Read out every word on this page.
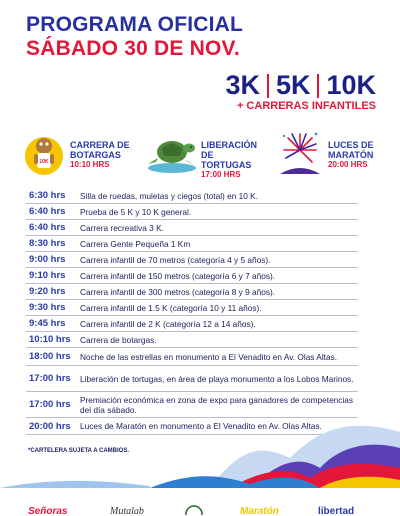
PROGRAMA OFICIAL
SÁBADO 30 DE NOV.
3K 5K 10K
+ CARRERAS INFANTILES
10K
CARRERA DE
BOTARGAS
10:10 HRS
LIBERACIÓN DE
TORTUGAS
17:00 HRS
LUCES DE
MARATÓN
20:00 HRS
6:30 hrs	Silla de ruedas, muletas y ciegos (total) en 10 K.
6:40 hrs	Prueba de 5 K y 10 K general.
6:40 hrs	Carrera recreativa 3 K.
8:30 hrs	Carrera Gente Pequeña 1 Km
9:00 hrs	Carrera infantil de 70 metros (categoría 4 y 5 años).
9:10 hrs	Carrera infantil de 150 metros (categoría 6 y 7 años).
9:20 hrs	Carrera infantil de 300 metros (categoría 8 y 9 años).
9:30 hrs	Carrera infantil de 1.5 K (categoría 10 y 11 años).
9:45 hrs	Carrera infantil de 2 K (categoría 12 a 14 años).
10:10 hrs	Carrera de botargas.
18:00 hrs	Noche de las estrellas en monumento a El Venadito en Av. Olas Altas.
17:00 hrs	Liberación de tortugas, en área de playa monumento a los Lobos Marinos.
17:00 hrs	Premiación económica en zona de expo para ganadores de competencias del día sábado.
20:00 hrs	Luces de Maratón en monumento a El Venadito en Av. Olas Altas.
*CARTELERA SUJETA A CAMBIOS.
Señoras	Mutalab	Maratón	libertad
